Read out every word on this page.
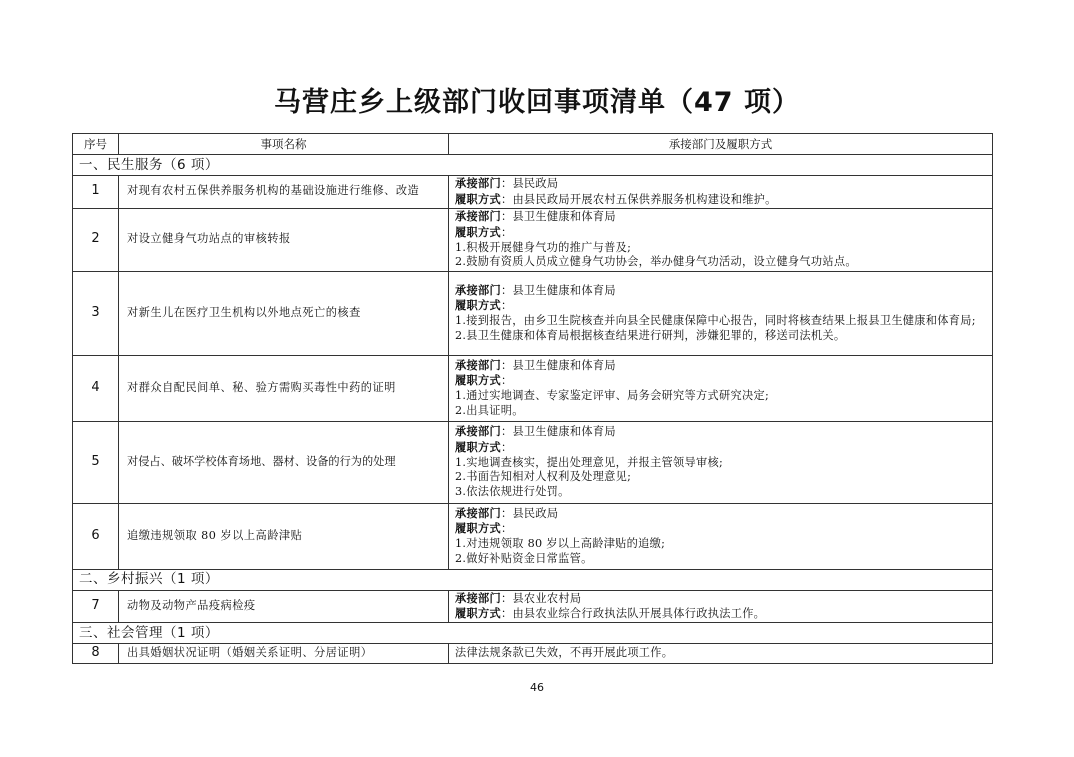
马营庄乡上级部门收回事项清单（47 项）
序号	事项名称	承接部门及履职方式
一、民生服务（6 项）		
1	对现有农村五保供养服务机构的基础设施进行维修、改造	承接部门：县民政局
履职方式：由县民政局开展农村五保供养服务机构建设和维护。

2	对设立健身气功站点的审核转报	承接部门：县卫生健康和体育局
履职方式：
1.积极开展健身气功的推广与普及;
2.鼓励有资质人员成立健身气功协会，举办健身气功活动，设立健身气功站点。

3	对新生儿在医疗卫生机构以外地点死亡的核查	承接部门：县卫生健康和体育局
履职方式：
1.接到报告，由乡卫生院核查并向县全民健康保障中心报告，同时将核查结果上报县卫生健康和体育局;
2.县卫生健康和体育局根据核查结果进行研判，涉嫌犯罪的，移送司法机关。

4	对群众自配民间单、秘、验方需购买毒性中药的证明	承接部门：县卫生健康和体育局
履职方式：
1.通过实地调查、专家鉴定评审、局务会研究等方式研究决定;
2.出具证明。

5	对侵占、破坏学校体育场地、器材、设备的行为的处理	承接部门：县卫生健康和体育局
履职方式：
1.实地调查核实，提出处理意见，并报主管领导审核;
2.书面告知相对人权利及处理意见;
3.依法依规进行处罚。

6	追缴违规领取 80 岁以上高龄津贴	承接部门：县民政局
履职方式：
1.对违规领取 80 岁以上高龄津贴的追缴;
2.做好补贴资金日常监管。

二、乡村振兴（1 项）		
7	动物及动物产品疫病检疫	承接部门：县农业农村局
履职方式：由县农业综合行政执法队开展具体行政执法工作。

三、社会管理（1 项）		
8	出具婚姻状况证明（婚姻关系证明、分居证明）	法律法规条款已失效，不再开展此项工作。
46
